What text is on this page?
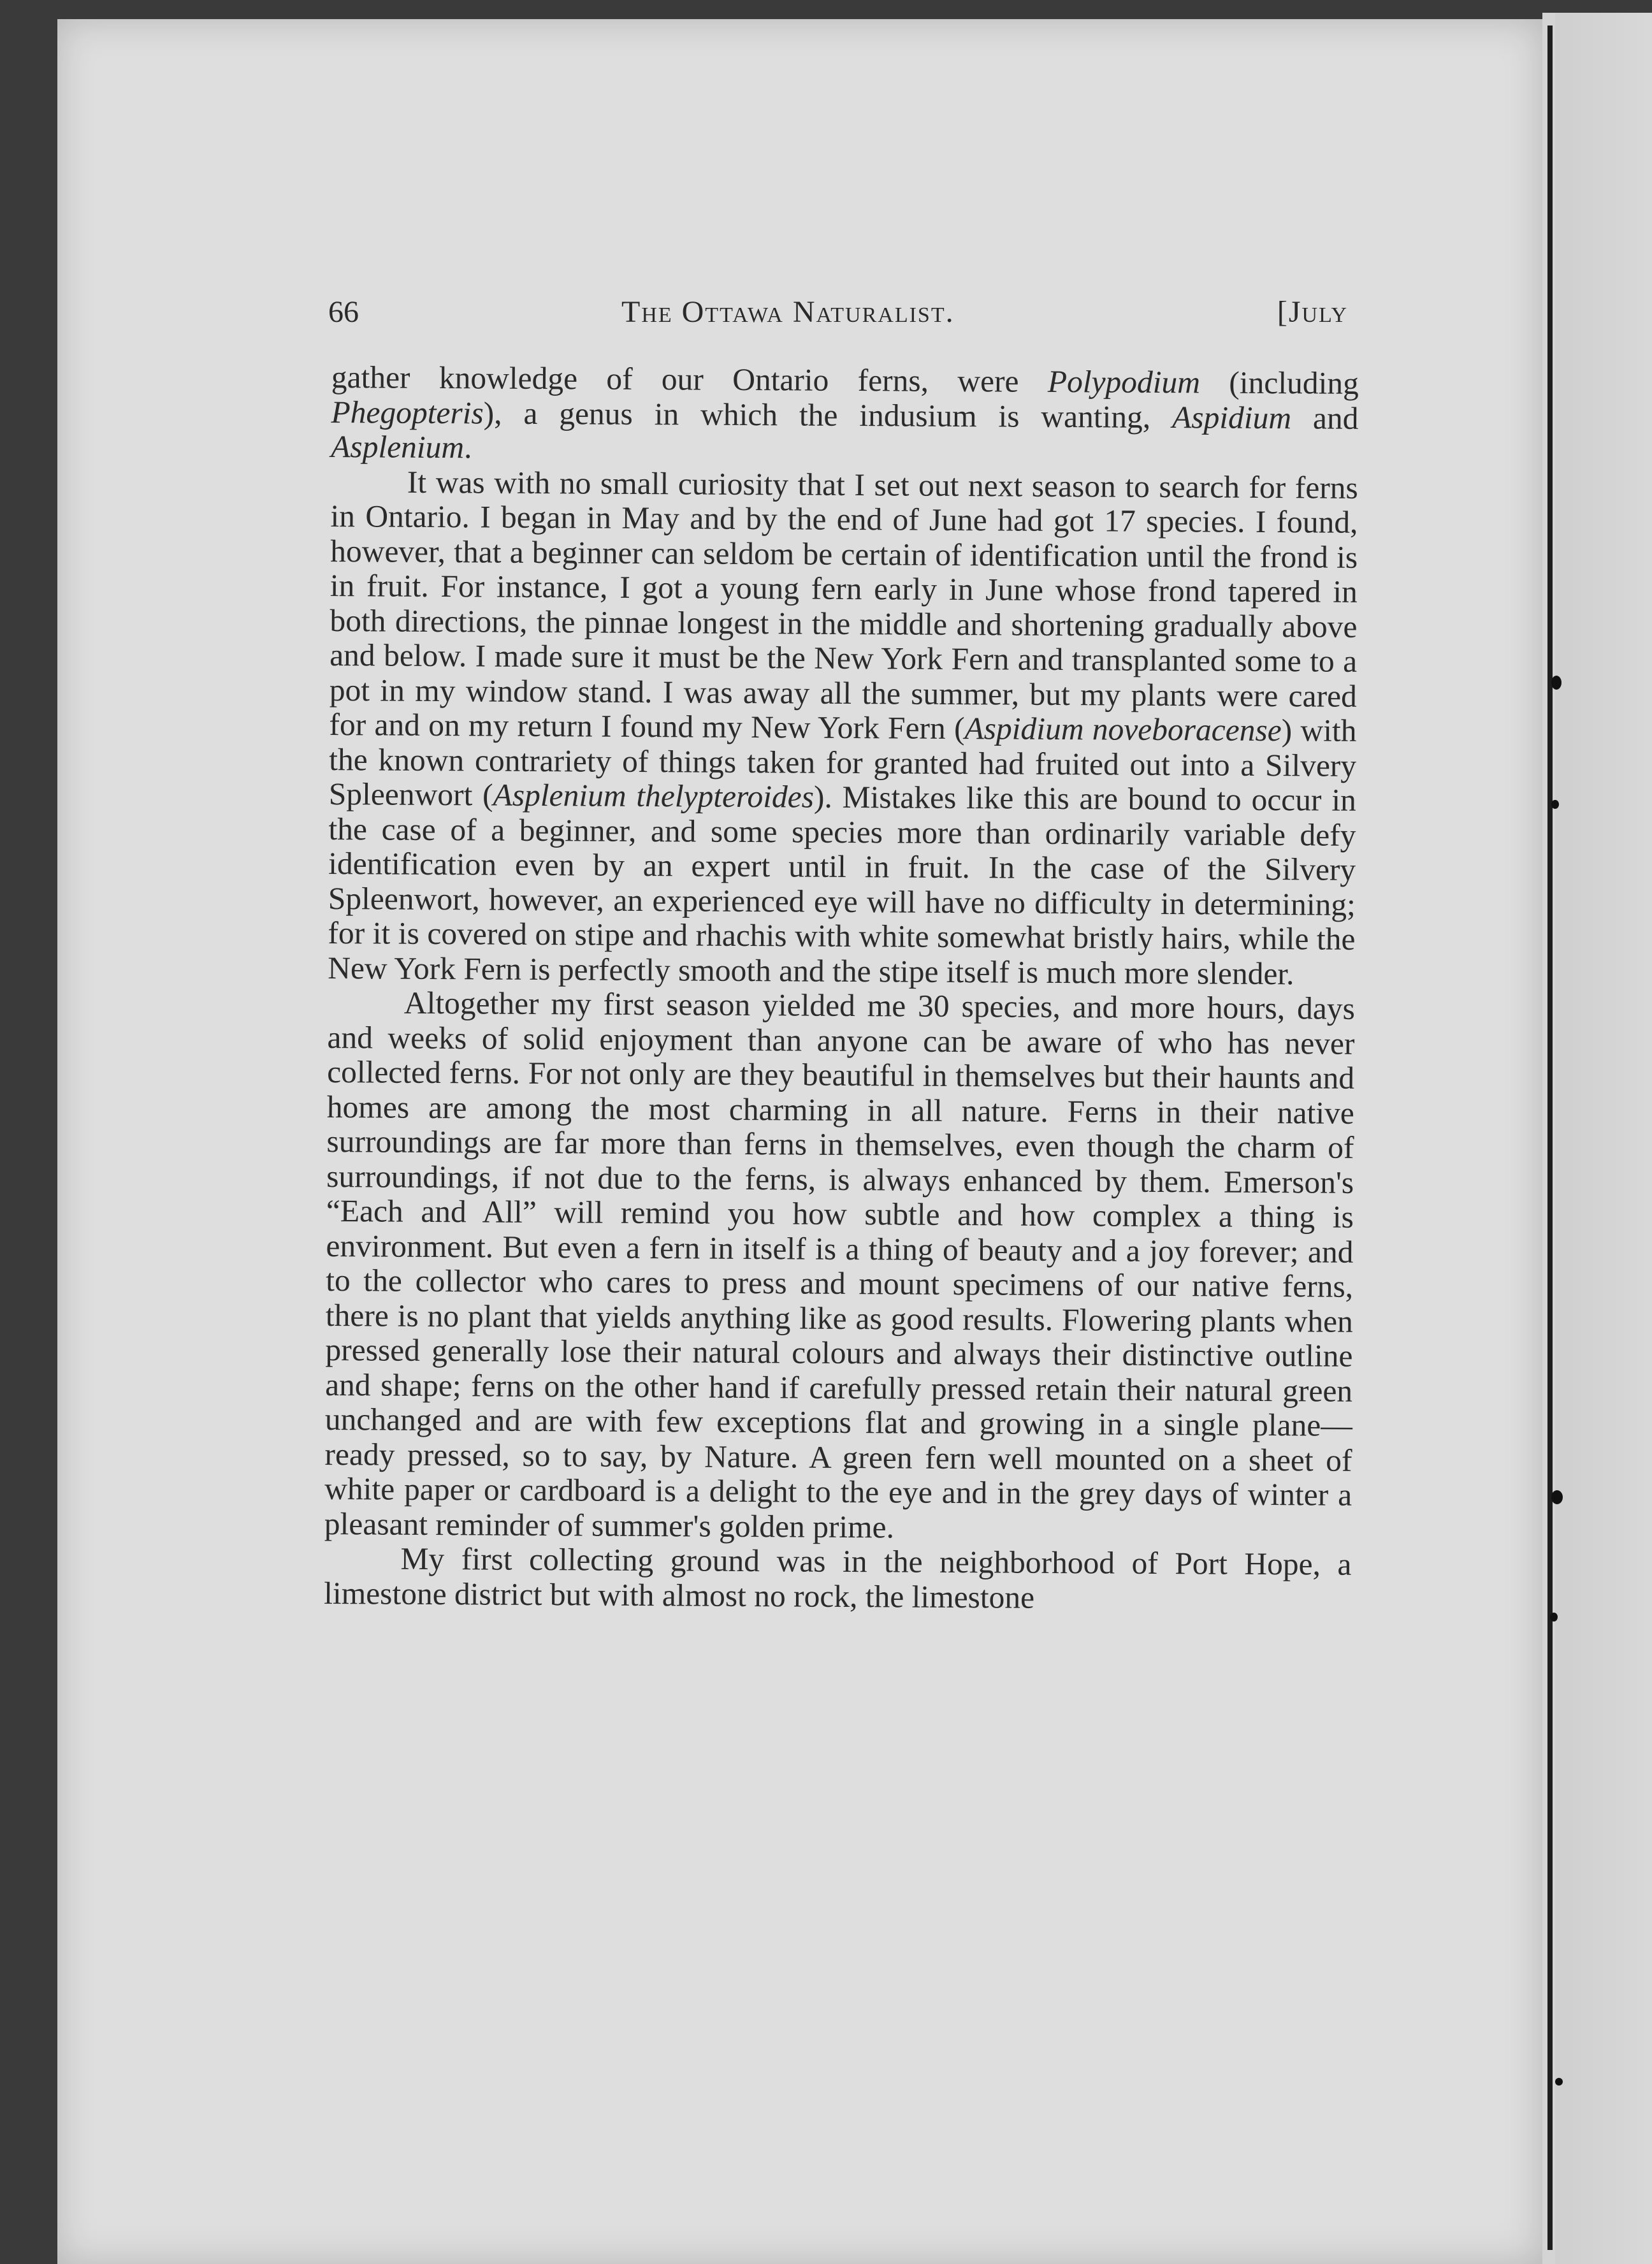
66	The Ottawa Naturalist.	[July

gather knowledge of our Ontario ferns, were Polypodium (including Phegopteris), a genus in which the indusium is wanting, Aspidium and Asplenium.

It was with no small curiosity that I set out next season to search for ferns in Ontario. I began in May and by the end of June had got 17 species. I found, however, that a beginner can seldom be certain of identification until the frond is in fruit. For instance, I got a young fern early in June whose frond tapered in both directions, the pinnae longest in the middle and shortening gradually above and below. I made sure it must be the New York Fern and transplanted some to a pot in my window stand. I was away all the summer, but my plants were cared for and on my return I found my New York Fern (Aspidium noveboracense) with the known contrariety of things taken for granted had fruited out into a Silvery Spleenwort (Asplenium thelypteroides). Mistakes like this are bound to occur in the case of a beginner, and some species more than ordinarily variable defy identification even by an expert until in fruit. In the case of the Silvery Spleenwort, however, an experienced eye will have no difficulty in determining; for it is covered on stipe and rhachis with white somewhat bristly hairs, while the New York Fern is perfectly smooth and the stipe itself is much more slender.

Altogether my first season yielded me 30 species, and more hours, days and weeks of solid enjoyment than anyone can be aware of who has never collected ferns. For not only are they beautiful in themselves but their haunts and homes are among the most charming in all nature. Ferns in their native surroundings are far more than ferns in themselves, even though the charm of surroundings, if not due to the ferns, is always enhanced by them. Emerson's “Each and All” will remind you how subtle and how complex a thing is environment. But even a fern in itself is a thing of beauty and a joy forever; and to the collector who cares to press and mount specimens of our native ferns, there is no plant that yields anything like as good results. Flowering plants when pressed generally lose their natural colours and always their distinctive outline and shape; ferns on the other hand if carefully pressed retain their natural green unchanged and are with few exceptions flat and growing in a single plane—ready pressed, so to say, by Nature. A green fern well mounted on a sheet of white paper or cardboard is a delight to the eye and in the grey days of winter a pleasant reminder of summer's golden prime.

My first collecting ground was in the neighborhood of Port Hope, a limestone district but with almost no rock, the limestone
